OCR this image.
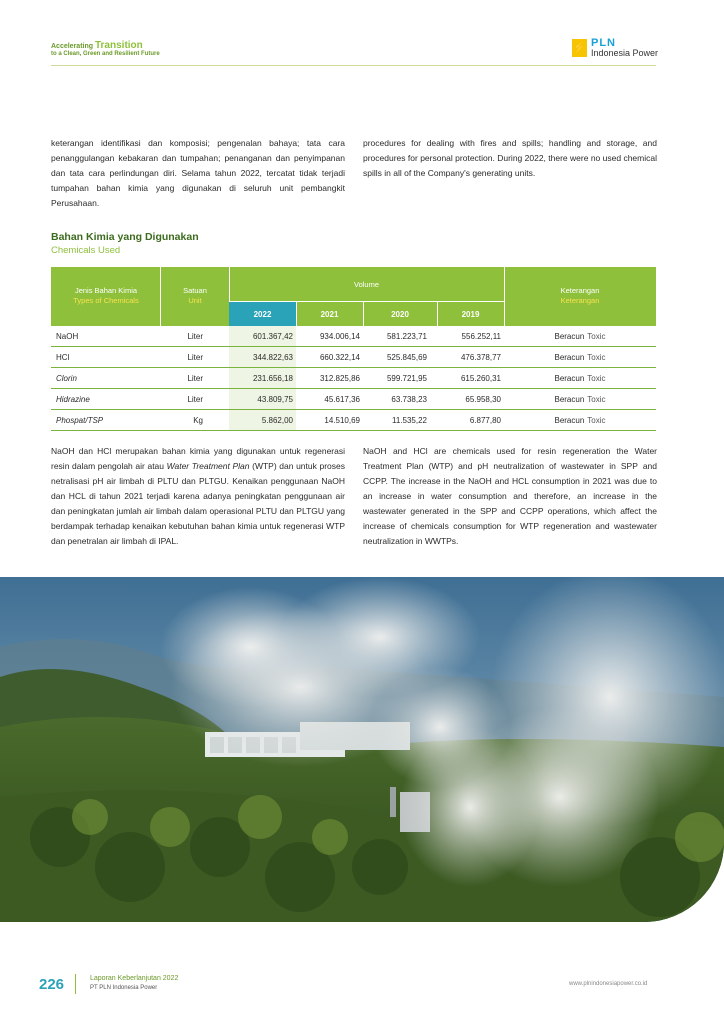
Accelerating Transition
to a Clean, Green and Resilient Future
⚡ PLN
Indonesia Power

keterangan identifikasi dan komposisi; pengenalan bahaya; tata cara penanggulangan kebakaran dan tumpahan; penanganan dan penyimpanan dan tata cara perlindungan diri. Selama tahun 2022, tercatat tidak terjadi tumpahan bahan kimia yang digunakan di seluruh unit pembangkit Perusahaan.

procedures for dealing with fires and spills; handling and storage, and procedures for personal protection. During 2022, there were no used chemical spills in all of the Company's generating units.

Bahan Kimia yang Digunakan
Chemicals Used
Jenis Bahan Kimia
Types of Chemicals
Satuan
Unit
Volume
2022	2021	2020	2019
Keterangan
Keterangan
NaOH	Liter	601.367,42	934.006,14	581.223,71	556.252,11	Beracun Toxic
HCl	Liter	344.822,63	660.322,14	525.845,69	476.378,77	Beracun Toxic
Clorin	Liter	231.656,18	312.825,86	599.721,95	615.260,31	Beracun Toxic
Hidrazine	Liter	43.809,75	45.617,36	63.738,23	65.958,30	Beracun Toxic
Phospat/TSP	Kg	5.862,00	14.510,69	11.535,22	6.877,80	Beracun Toxic

NaOH dan HCl merupakan bahan kimia yang digunakan untuk regenerasi resin dalam pengolah air atau Water Treatment Plan (WTP) dan untuk proses netralisasi pH air limbah di PLTU dan PLTGU. Kenaikan penggunaan NaOH dan HCL di tahun 2021 terjadi karena adanya peningkatan penggunaan air dan peningkatan jumlah air limbah dalam operasional PLTU dan PLTGU yang berdampak terhadap kenaikan kebutuhan bahan kimia untuk regenerasi WTP dan penetralan air limbah di IPAL.

NaOH and HCl are chemicals used for resin regeneration the Water Treatment Plan (WTP) and pH neutralization of wastewater in SPP and CCPP. The increase in the NaOH and HCL consumption in 2021 was due to an increase in water consumption and therefore, an increase in the wastewater generated in the SPP and CCPP operations, which affect the increase of chemicals consumption for WTP regeneration and wastewater neutralization in WWTPs.

226	Laporan Keberlanjutan 2022
PT PLN Indonesia Power
www.plnindonesiapower.co.id
